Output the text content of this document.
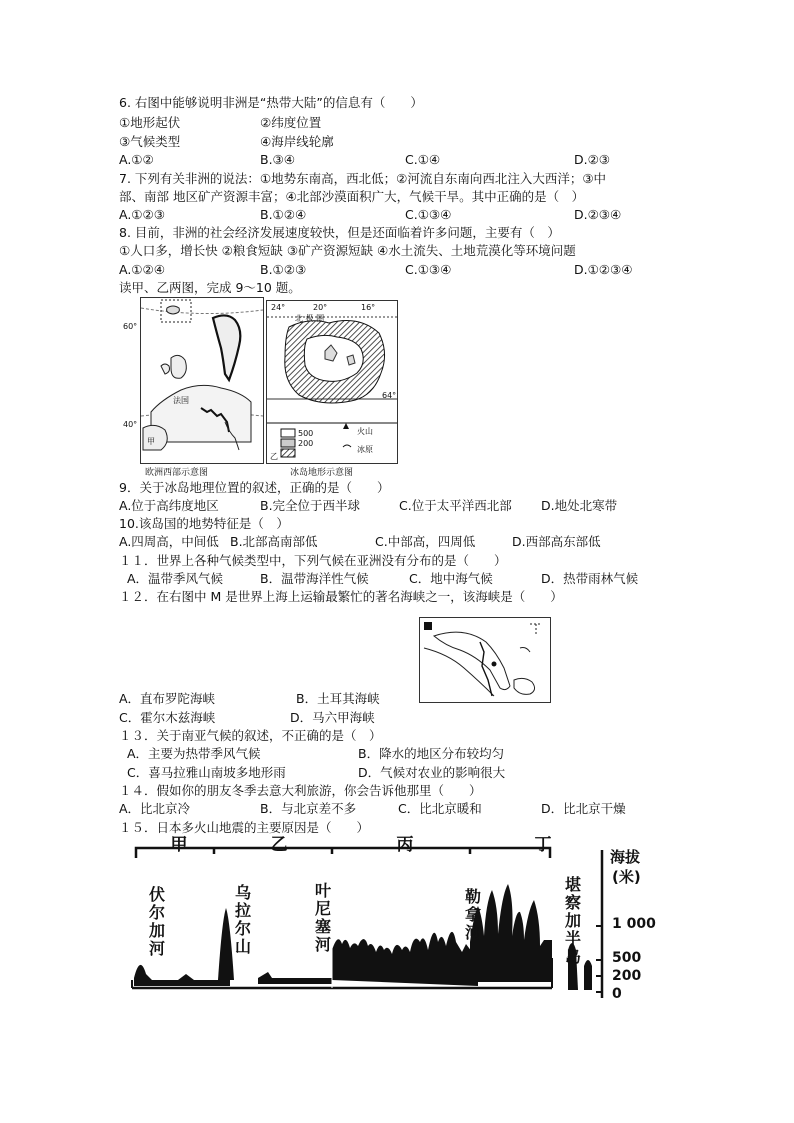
6. 右图中能够说明非洲是“热带大陆”的信息有（　　）
①地形起伏	②纬度位置
③气候类型	④海岸线轮廓
A.①②	B.③④	C.①④	D.②③
7. 下列有关非洲的说法：①地势东南高，西北低；②河流自东南向西北注入大西洋；③中
部、南部 地区矿产资源丰富；④北部沙漠面积广大，气候干旱。其中正确的是（　）
A.①②③	B.①②④	C.①③④	D.②③④
8. 目前，非洲的社会经济发展速度较快，但是还面临着许多问题，主要有（　）
①人口多，增长快 ②粮食短缺 ③矿产资源短缺 ④水土流失、土地荒漠化等环境问题
A.①②④	B.①②③	C.①③④	D.①②③④
读甲、乙两图，完成 9～10 题。
甲
法国
60°
40°
欧洲西部示意图
24°	20°	16°
北 极 圈
64°
乙
500
200
火山
冰原
冰岛地形示意图
9．关于冰岛地理位置的叙述，正确的是（　　）
A.位于高纬度地区	B.完全位于西半球	C.位于太平洋西北部 D.地处北寒带
10.该岛国的地势特征是（　）
A.四周高，中间低 B.北部高南部低	C.中部高，四周低	D.西部高东部低
１１．世界上各种气候类型中，下列气候在亚洲没有分布的是（　　）
A．温带季风气候	B．温带海洋性气候	C．地中海气候	D．热带雨林气候
１２．在右图中 M 是世界上海上运输最繁忙的著名海峡之一，该海峡是（　　）
A．直布罗陀海峡	B．土耳其海峡
C．霍尔木兹海峡	D．马六甲海峡
１３．关于南亚气候的叙述，不正确的是（　）
A．主要为热带季风气候	B．降水的地区分布较均匀
C．喜马拉雅山南坡多地形雨	D．气候对农业的影响很大
１４．假如你的朋友冬季去意大利旅游，你会告诉他那里（　　）
A．比北京冷	B．与北京差不多	C．比北京暖和	D．比北京干燥
１５．日本多火山地震的主要原因是（　　）
甲	乙	丙	丁
伏尔加河
乌拉尔山
叶尼塞河
勒拿河
堪察加半岛
海拔
(米)
1 000
500
200
0
